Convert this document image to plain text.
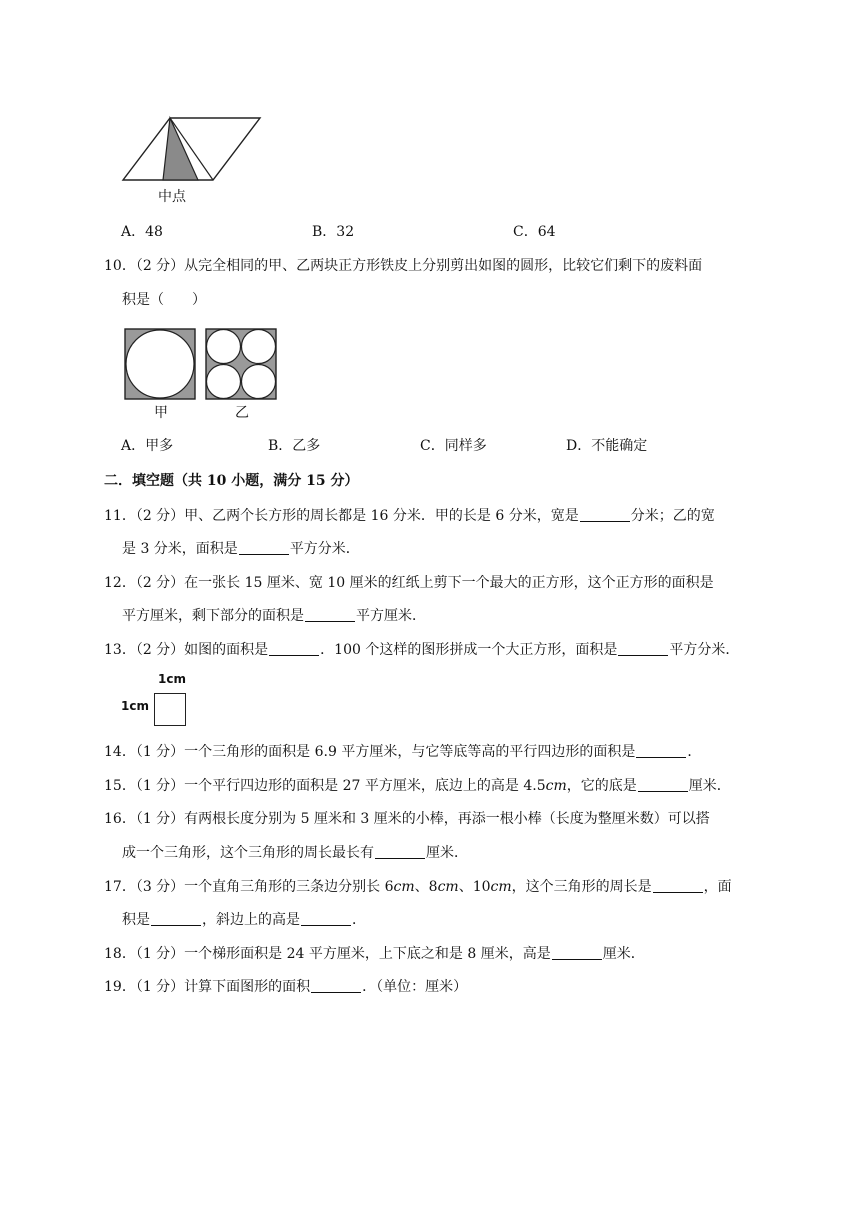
中点
A．48	B．32	C．64
10．（2 分）从完全相同的甲、乙两块正方形铁皮上分别剪出如图的圆形，比较它们剩下的废料面
积是（　　）
甲	乙
A．甲多	B．乙多	C．同样多	D．不能确定
二．填空题（共 10 小题，满分 15 分）
11．（2 分）甲、乙两个长方形的周长都是 16 分米．甲的长是 6 分米，宽是	分米；乙的宽
是 3 分米，面积是	平方分米．
12．（2 分）在一张长 15 厘米、宽 10 厘米的红纸上剪下一个最大的正方形，这个正方形的面积是
平方厘米，剩下部分的面积是	平方厘米．
13．（2 分）如图的面积是	．100 个这样的图形拼成一个大正方形，面积是	平方分米．
1cm
1cm
14．（1 分）一个三角形的面积是 6.9 平方厘米，与它等底等高的平行四边形的面积是	．
15．（1 分）一个平行四边形的面积是 27 平方厘米，底边上的高是 4.5cm，它的底是	厘米．
16．（1 分）有两根长度分别为 5 厘米和 3 厘米的小棒，再添一根小棒（长度为整厘米数）可以搭
成一个三角形，这个三角形的周长最长有	厘米．
17．（3 分）一个直角三角形的三条边分别长 6cm、8cm、10cm，这个三角形的周长是	，面
积是	，斜边上的高是	．
18．（1 分）一个梯形面积是 24 平方厘米，上下底之和是 8 厘米，高是	厘米．
19．（1 分）计算下面图形的面积	．（单位：厘米）
